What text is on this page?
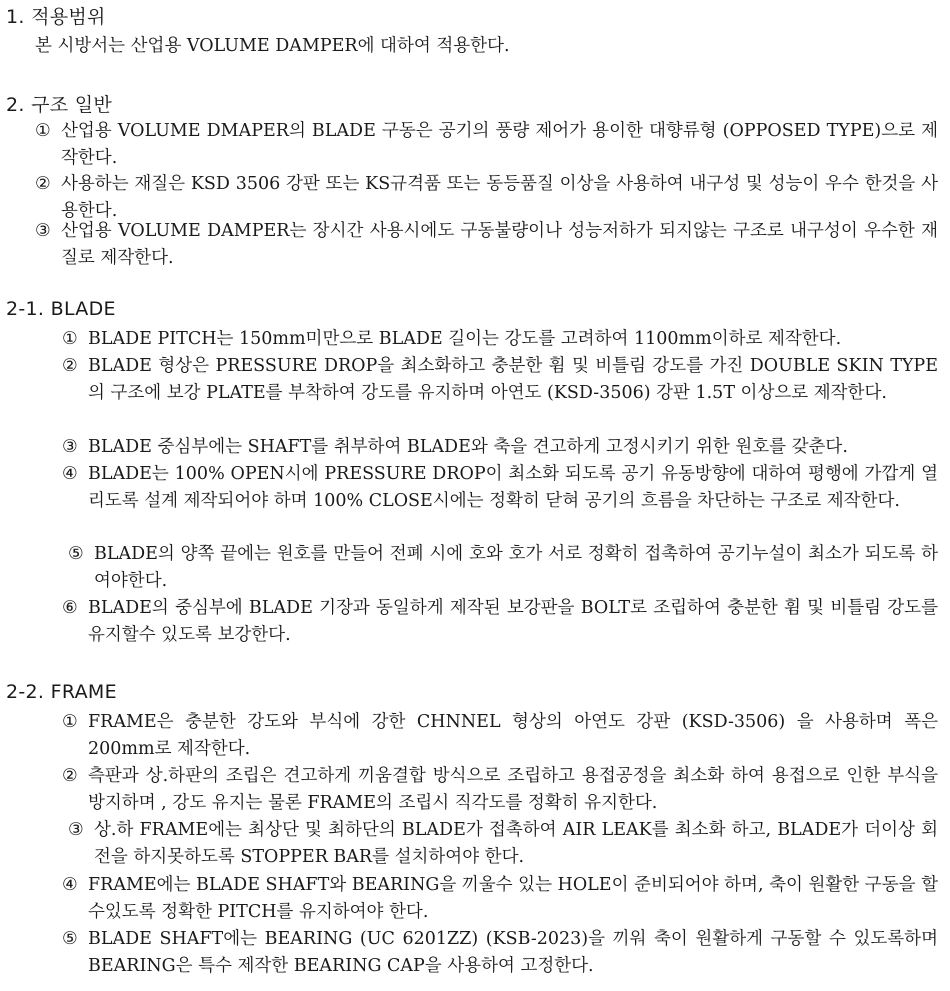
1. 적용범위
본 시방서는 산업용 VOLUME DAMPER에 대하여 적용한다.
2. 구조 일반
① 산업용 VOLUME DMAPER의 BLADE 구동은 공기의 풍량 제어가 용이한 대향류형 (OPPOSED TYPE)으로 제작한다.
② 사용하는 재질은 KSD 3506 강판 또는 KS규격품 또는 동등품질 이상을 사용하여 내구성 및 성능이 우수 한것을 사용한다.
③ 산업용 VOLUME DAMPER는 장시간 사용시에도 구동불량이나 성능저하가 되지않는 구조로 내구성이 우수한 재질로 제작한다.
2-1. BLADE
① BLADE PITCH는 150mm미만으로 BLADE 길이는 강도를 고려하여 1100mm이하로 제작한다.
② BLADE 형상은 PRESSURE DROP을 최소화하고 충분한 휨 및 비틀림 강도를 가진 DOUBLE SKIN TYPE의 구조에 보강 PLATE를 부착하여 강도를 유지하며 아연도 (KSD-3506) 강판 1.5T 이상으로 제작한다.
③ BLADE 중심부에는 SHAFT를 취부하여 BLADE와 축을 견고하게 고정시키기 위한 원호를 갖춘다.
④ BLADE는 100% OPEN시에 PRESSURE DROP이 최소화 되도록 공기 유동방향에 대하여 평행에 가깝게 열리도록 설계 제작되어야 하며 100% CLOSE시에는 정확히 닫혀 공기의 흐름을 차단하는 구조로 제작한다.
⑤ BLADE의 양쪽 끝에는 원호를 만들어 전폐 시에 호와 호가 서로 정확히 접촉하여 공기누설이 최소가 되도록 하여야한다.
⑥ BLADE의 중심부에 BLADE 기장과 동일하게 제작된 보강판을 BOLT로 조립하여 충분한 휨 및 비틀림 강도를 유지할수 있도록 보강한다.
2-2. FRAME
① FRAME은 충분한 강도와 부식에 강한 CHNNEL 형상의 아연도 강판 (KSD-3506) 을 사용하며 폭은 200mm로 제작한다.
② 측판과 상.하판의 조립은 견고하게 끼움결합 방식으로 조립하고 용접공정을 최소화 하여 용접으로 인한 부식을 방지하며 , 강도 유지는 물론 FRAME의 조립시 직각도를 정확히 유지한다.
③ 상.하 FRAME에는 최상단 및 최하단의 BLADE가 접촉하여 AIR LEAK를 최소화 하고, BLADE가 더이상 회전을 하지못하도록 STOPPER BAR를 설치하여야 한다.
④ FRAME에는 BLADE SHAFT와 BEARING을 끼울수 있는 HOLE이 준비되어야 하며, 축이 원활한 구동을 할수있도록 정확한 PITCH를 유지하여야 한다.
⑤ BLADE SHAFT에는 BEARING (UC 6201ZZ) (KSB-2023)을 끼워 축이 원활하게 구동할 수 있도록하며 BEARING은 특수 제작한 BEARING CAP을 사용하여 고정한다.
